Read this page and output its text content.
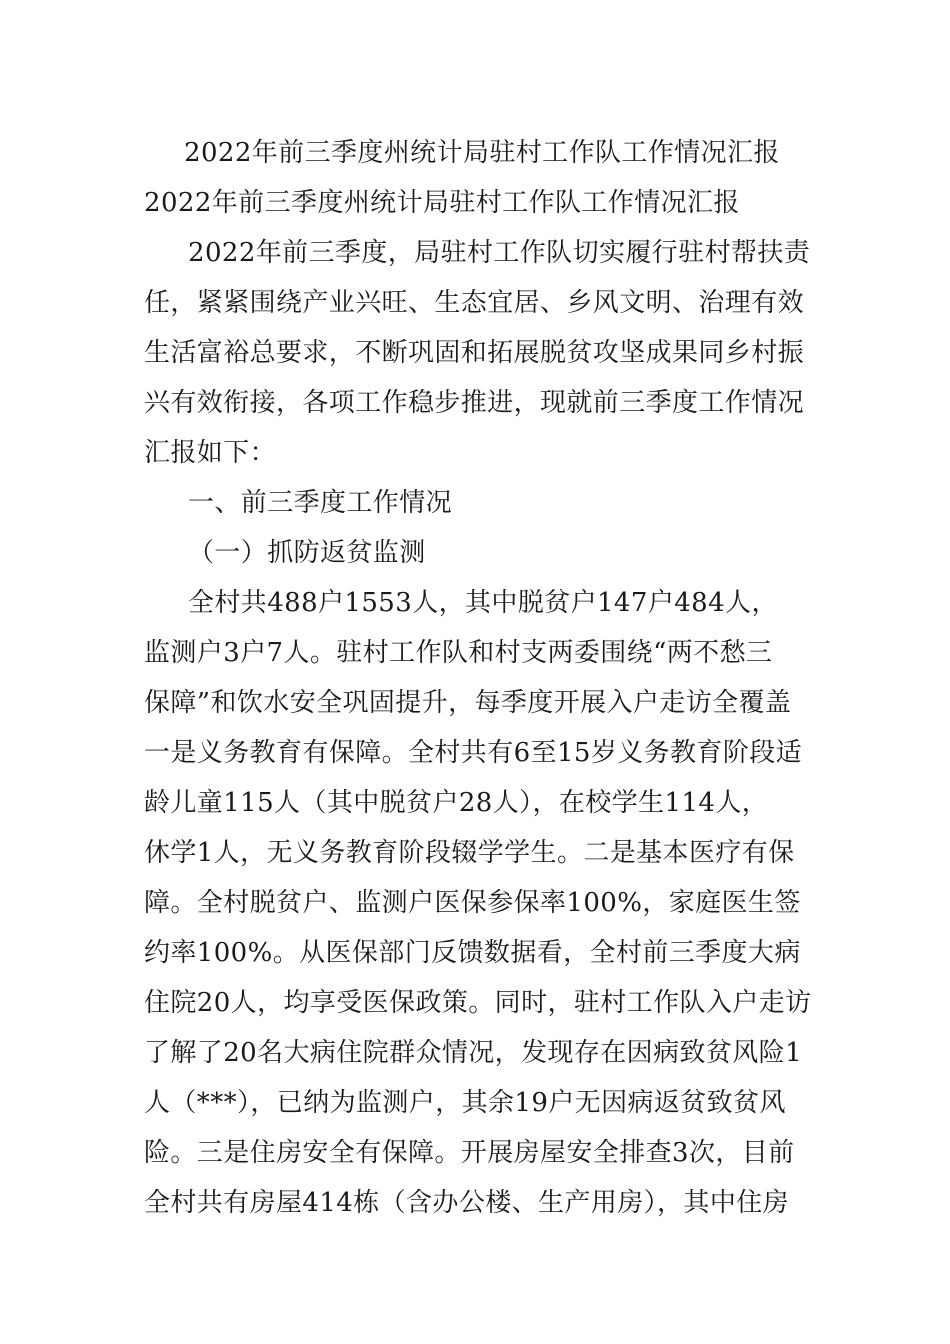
2022年前三季度州统计局驻村工作队工作情况汇报
2022年前三季度州统计局驻村工作队工作情况汇报
2022年前三季度，局驻村工作队切实履行驻村帮扶责
任，紧紧围绕产业兴旺、生态宜居、乡风文明、治理有效
生活富裕总要求，不断巩固和拓展脱贫攻坚成果同乡村振
兴有效衔接，各项工作稳步推进，现就前三季度工作情况
汇报如下：
一、前三季度工作情况
（一）抓防返贫监测
全村共488户1553人，其中脱贫户147户484人，
监测户3户7人。驻村工作队和村支两委围绕“两不愁三
保障”和饮水安全巩固提升，每季度开展入户走访全覆盖
一是义务教育有保障。全村共有6至15岁义务教育阶段适
龄儿童115人（其中脱贫户28人），在校学生114人，
休学1人，无义务教育阶段辍学学生。二是基本医疗有保
障。全村脱贫户、监测户医保参保率100%，家庭医生签
约率100%。从医保部门反馈数据看，全村前三季度大病
住院20人，均享受医保政策。同时，驻村工作队入户走访
了解了20名大病住院群众情况，发现存在因病致贫风险1
人（***），已纳为监测户，其余19户无因病返贫致贫风
险。三是住房安全有保障。开展房屋安全排查3次，目前
全村共有房屋414栋（含办公楼、生产用房），其中住房
